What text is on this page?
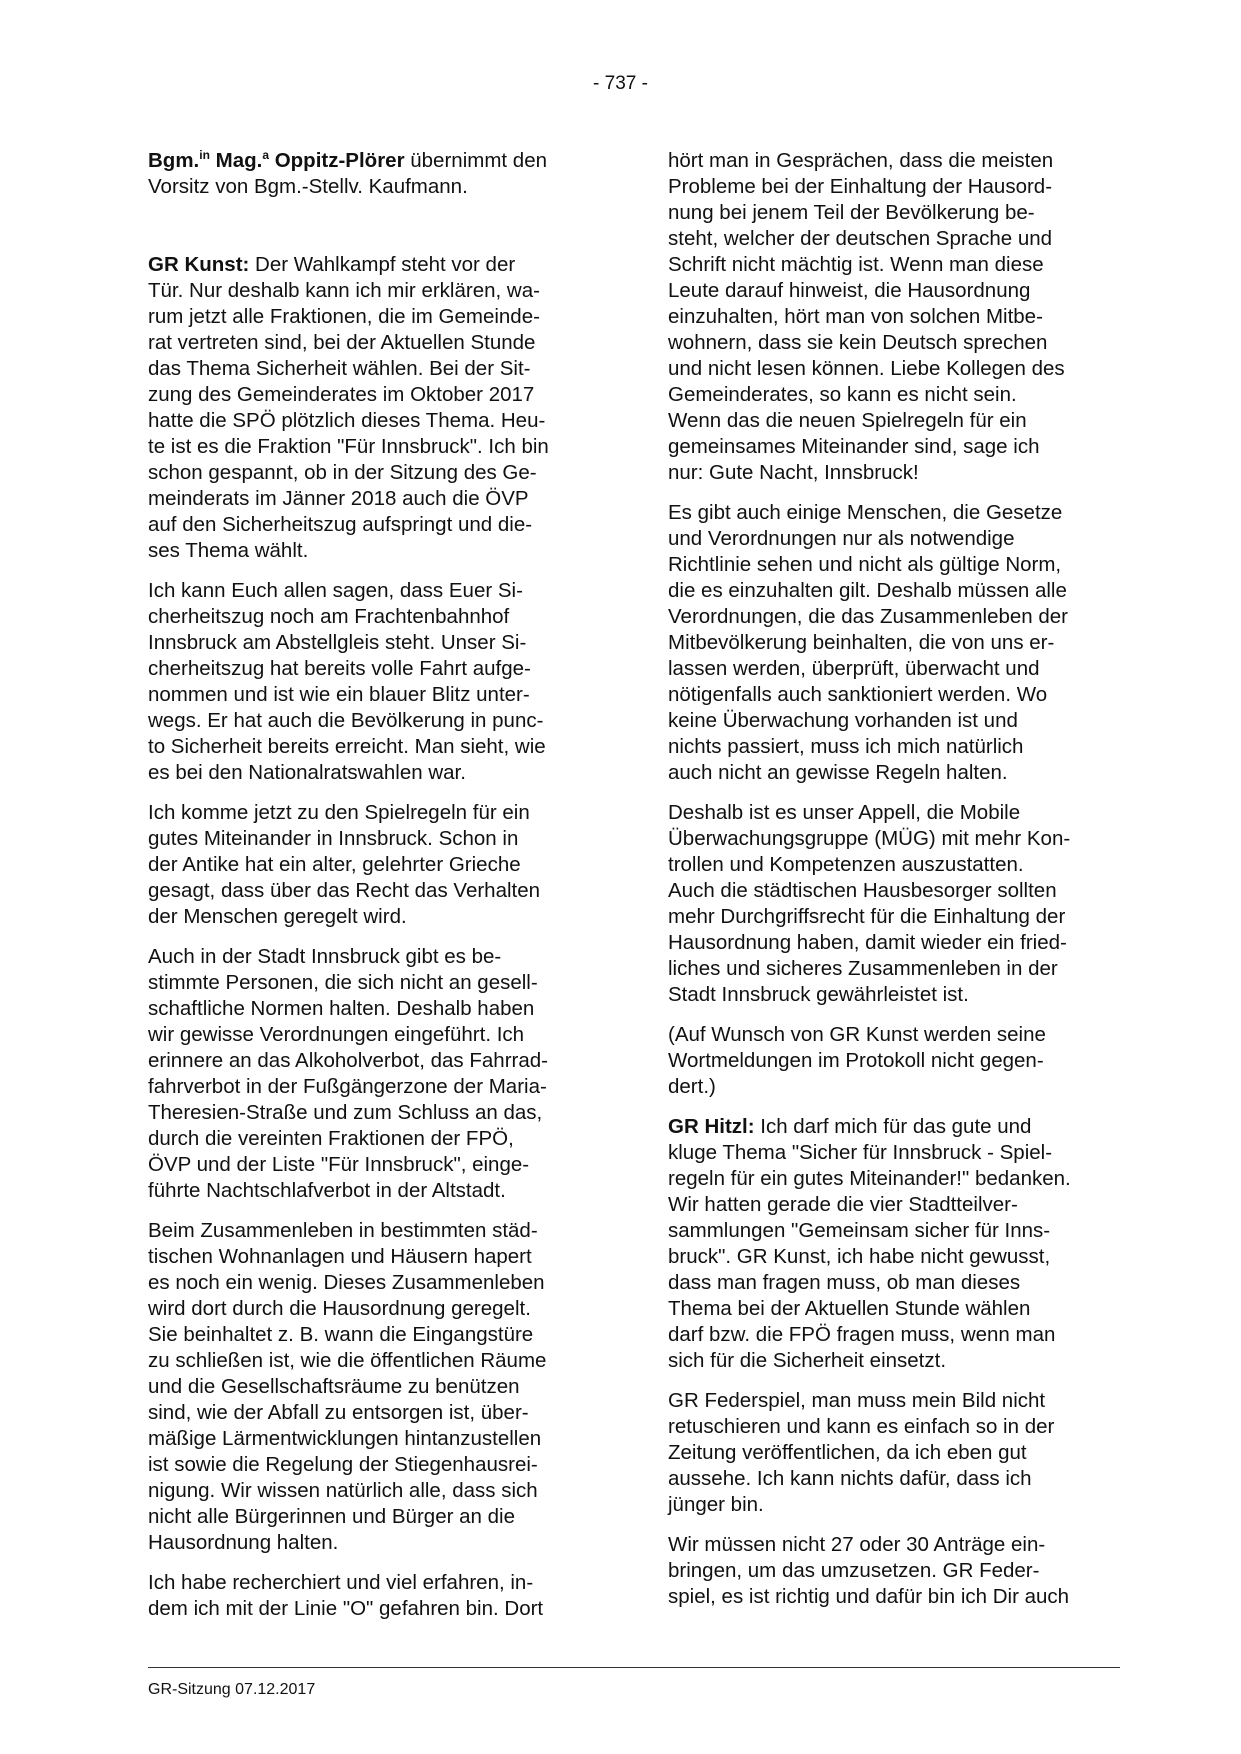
- 737 -

Bgm.$^{in}$ Mag.$^a$ Oppitz-Plörer übernimmt den
Vorsitz von Bgm.-Stellv. Kaufmann.

GR Kunst: Der Wahlkampf steht vor der
Tür. Nur deshalb kann ich mir erklären, wa-
rum jetzt alle Fraktionen, die im Gemeinde-
rat vertreten sind, bei der Aktuellen Stunde
das Thema Sicherheit wählen. Bei der Sit-
zung des Gemeinderates im Oktober 2017
hatte die SPÖ plötzlich dieses Thema. Heu-
te ist es die Fraktion "Für Innsbruck". Ich bin
schon gespannt, ob in der Sitzung des Ge-
meinderats im Jänner 2018 auch die ÖVP
auf den Sicherheitszug aufspringt und die-
ses Thema wählt.

Ich kann Euch allen sagen, dass Euer Si-
cherheitszug noch am Frachtenbahnhof
Innsbruck am Abstellgleis steht. Unser Si-
cherheitszug hat bereits volle Fahrt aufge-
nommen und ist wie ein blauer Blitz unter-
wegs. Er hat auch die Bevölkerung in punc-
to Sicherheit bereits erreicht. Man sieht, wie
es bei den Nationalratswahlen war.

Ich komme jetzt zu den Spielregeln für ein
gutes Miteinander in Innsbruck. Schon in
der Antike hat ein alter, gelehrter Grieche
gesagt, dass über das Recht das Verhalten
der Menschen geregelt wird.

Auch in der Stadt Innsbruck gibt es be-
stimmte Personen, die sich nicht an gesell-
schaftliche Normen halten. Deshalb haben
wir gewisse Verordnungen eingeführt. Ich
erinnere an das Alkoholverbot, das Fahrrad-
fahrverbot in der Fußgängerzone der Maria-
Theresien-Straße und zum Schluss an das,
durch die vereinten Fraktionen der FPÖ,
ÖVP und der Liste "Für Innsbruck", einge-
führte Nachtschlafverbot in der Altstadt.

Beim Zusammenleben in bestimmten städ-
tischen Wohnanlagen und Häusern hapert
es noch ein wenig. Dieses Zusammenleben
wird dort durch die Hausordnung geregelt.
Sie beinhaltet z. B. wann die Eingangstüre
zu schließen ist, wie die öffentlichen Räume
und die Gesellschaftsräume zu benützen
sind, wie der Abfall zu entsorgen ist, über-
mäßige Lärmentwicklungen hintanzustellen
ist sowie die Regelung der Stiegenhausrei-
nigung. Wir wissen natürlich alle, dass sich
nicht alle Bürgerinnen und Bürger an die
Hausordnung halten.

Ich habe recherchiert und viel erfahren, in-
dem ich mit der Linie "O" gefahren bin. Dort

hört man in Gesprächen, dass die meisten
Probleme bei der Einhaltung der Hausord-
nung bei jenem Teil der Bevölkerung be-
steht, welcher der deutschen Sprache und
Schrift nicht mächtig ist. Wenn man diese
Leute darauf hinweist, die Hausordnung
einzuhalten, hört man von solchen Mitbe-
wohnern, dass sie kein Deutsch sprechen
und nicht lesen können. Liebe Kollegen des
Gemeinderates, so kann es nicht sein.
Wenn das die neuen Spielregeln für ein
gemeinsames Miteinander sind, sage ich
nur: Gute Nacht, Innsbruck!

Es gibt auch einige Menschen, die Gesetze
und Verordnungen nur als notwendige
Richtlinie sehen und nicht als gültige Norm,
die es einzuhalten gilt. Deshalb müssen alle
Verordnungen, die das Zusammenleben der
Mitbevölkerung beinhalten, die von uns er-
lassen werden, überprüft, überwacht und
nötigenfalls auch sanktioniert werden. Wo
keine Überwachung vorhanden ist und
nichts passiert, muss ich mich natürlich
auch nicht an gewisse Regeln halten.

Deshalb ist es unser Appell, die Mobile
Überwachungsgruppe (MÜG) mit mehr Kon-
trollen und Kompetenzen auszustatten.
Auch die städtischen Hausbesorger sollten
mehr Durchgriffsrecht für die Einhaltung der
Hausordnung haben, damit wieder ein fried-
liches und sicheres Zusammenleben in der
Stadt Innsbruck gewährleistet ist.

(Auf Wunsch von GR Kunst werden seine
Wortmeldungen im Protokoll nicht gegen-
dert.)

GR Hitzl: Ich darf mich für das gute und
kluge Thema "Sicher für Innsbruck - Spiel-
regeln für ein gutes Miteinander!" bedanken.
Wir hatten gerade die vier Stadtteilver-
sammlungen "Gemeinsam sicher für Inns-
bruck". GR Kunst, ich habe nicht gewusst,
dass man fragen muss, ob man dieses
Thema bei der Aktuellen Stunde wählen
darf bzw. die FPÖ fragen muss, wenn man
sich für die Sicherheit einsetzt.

GR Federspiel, man muss mein Bild nicht
retuschieren und kann es einfach so in der
Zeitung veröffentlichen, da ich eben gut
aussehe. Ich kann nichts dafür, dass ich
jünger bin.

Wir müssen nicht 27 oder 30 Anträge ein-
bringen, um das umzusetzen. GR Feder-
spiel, es ist richtig und dafür bin ich Dir auch

GR-Sitzung 07.12.2017
